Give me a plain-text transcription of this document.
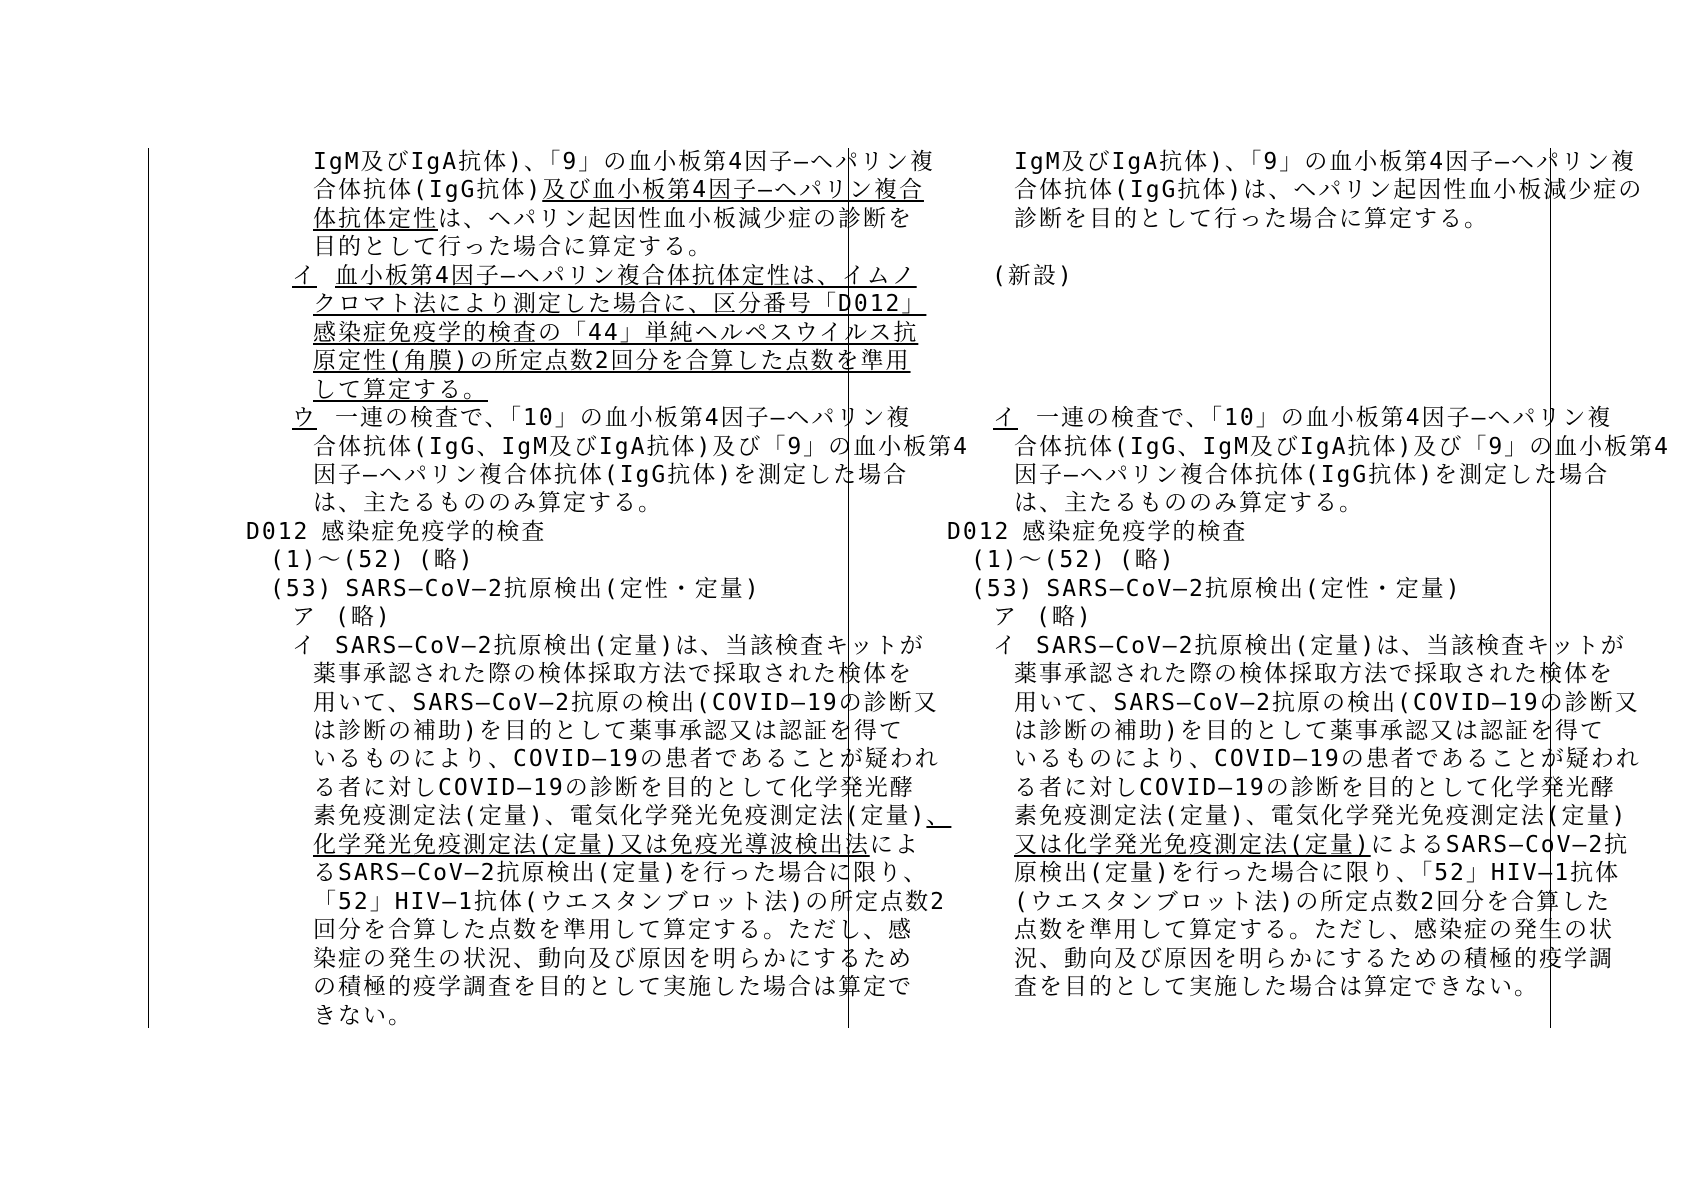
IgM及びIgA抗体)、「9」の血小板第4因子―ヘパリン複
合体抗体(IgG抗体)及び血小板第4因子―ヘパリン複合
体抗体定性は、ヘパリン起因性血小板減少症の診断を
目的として行った場合に算定する。
イ 血小板第4因子―ヘパリン複合体抗体定性は、イムノ
クロマト法により測定した場合に、区分番号「D012」
感染症免疫学的検査の「44」単純ヘルペスウイルス抗
原定性(角膜)の所定点数2回分を合算した点数を準用
して算定する。
ウ 一連の検査で、「10」の血小板第4因子―ヘパリン複
合体抗体(IgG、IgM及びIgA抗体)及び「9」の血小板第4
因子―ヘパリン複合体抗体(IgG抗体)を測定した場合
は、主たるもののみ算定する。
D012 感染症免疫学的検査
(1)～(52) (略)
(53) SARS―CoV―2抗原検出(定性・定量)
ア (略)
イ SARS―CoV―2抗原検出(定量)は、当該検査キットが
薬事承認された際の検体採取方法で採取された検体を
用いて、SARS―CoV―2抗原の検出(COVID―19の診断又
は診断の補助)を目的として薬事承認又は認証を得て
いるものにより、COVID―19の患者であることが疑われ
る者に対しCOVID―19の診断を目的として化学発光酵
素免疫測定法(定量)、電気化学発光免疫測定法(定量)、
化学発光免疫測定法(定量)又は免疫光導波検出法によ
るSARS―CoV―2抗原検出(定量)を行った場合に限り、
「52」HIV―1抗体(ウエスタンブロット法)の所定点数2
回分を合算した点数を準用して算定する。ただし、感
染症の発生の状況、動向及び原因を明らかにするため
の積極的疫学調査を目的として実施した場合は算定で
きない。
IgM及びIgA抗体)、「9」の血小板第4因子―ヘパリン複
合体抗体(IgG抗体)は、ヘパリン起因性血小板減少症の
診断を目的として行った場合に算定する。
(新設)
イ 一連の検査で、「10」の血小板第4因子―ヘパリン複
合体抗体(IgG、IgM及びIgA抗体)及び「9」の血小板第4
因子―ヘパリン複合体抗体(IgG抗体)を測定した場合
は、主たるもののみ算定する。
D012 感染症免疫学的検査
(1)～(52) (略)
(53) SARS―CoV―2抗原検出(定性・定量)
ア (略)
イ SARS―CoV―2抗原検出(定量)は、当該検査キットが
薬事承認された際の検体採取方法で採取された検体を
用いて、SARS―CoV―2抗原の検出(COVID―19の診断又
は診断の補助)を目的として薬事承認又は認証を得て
いるものにより、COVID―19の患者であることが疑われ
る者に対しCOVID―19の診断を目的として化学発光酵
素免疫測定法(定量)、電気化学発光免疫測定法(定量)
又は化学発光免疫測定法(定量)によるSARS―CoV―2抗
原検出(定量)を行った場合に限り、「52」HIV―1抗体
(ウエスタンブロット法)の所定点数2回分を合算した
点数を準用して算定する。ただし、感染症の発生の状
況、動向及び原因を明らかにするための積極的疫学調
査を目的として実施した場合は算定できない。
